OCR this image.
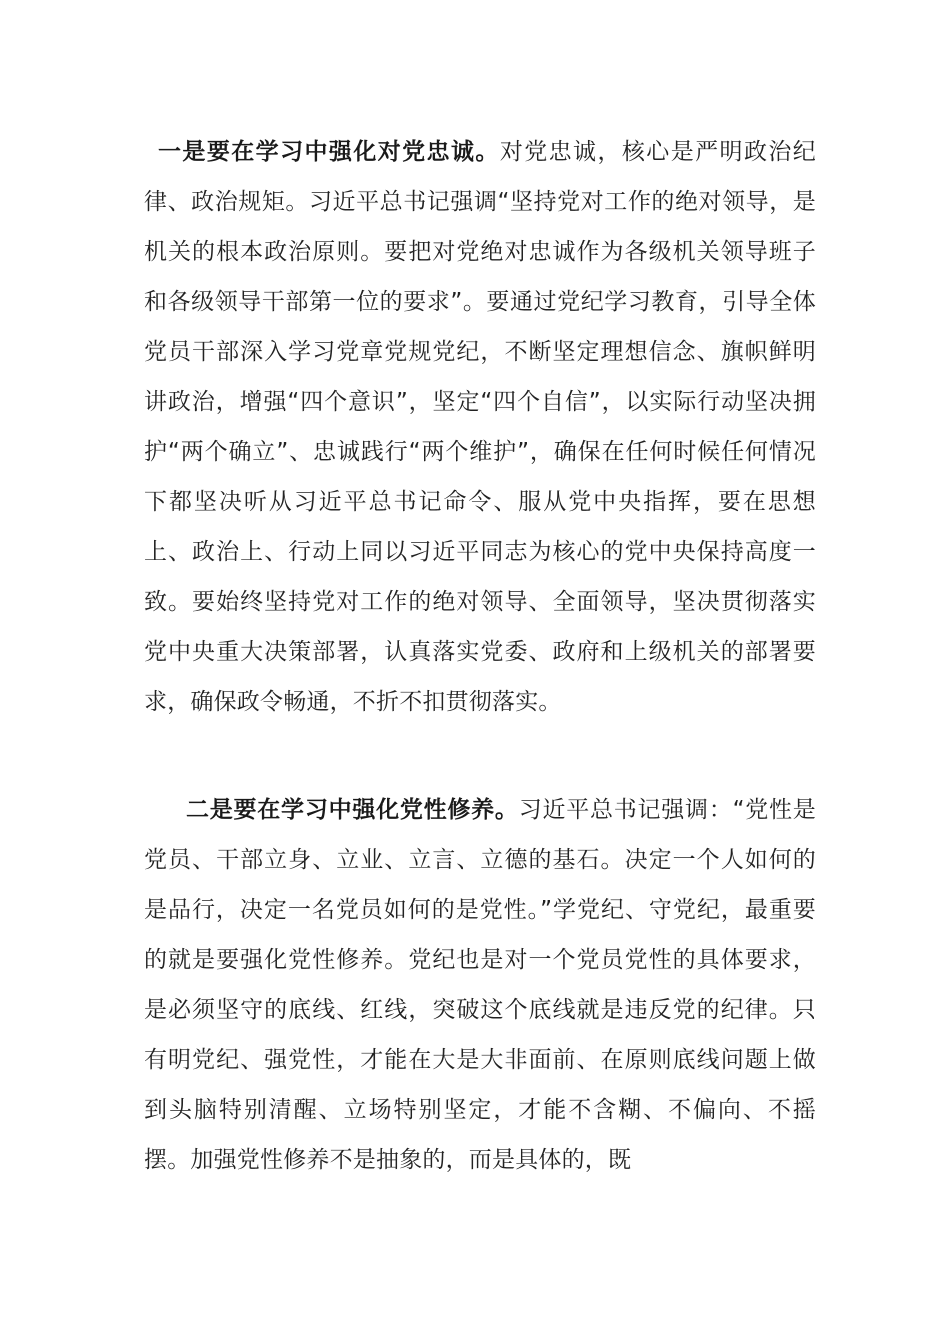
一是要在学习中强化对党忠诚。对党忠诚，核心是严明政治纪律、政治规矩。习近平总书记强调“坚持党对工作的绝对领导，是机关的根本政治原则。要把对党绝对忠诚作为各级机关领导班子和各级领导干部第一位的要求”。要通过党纪学习教育，引导全体党员干部深入学习党章党规党纪，不断坚定理想信念、旗帜鲜明讲政治，增强“四个意识”，坚定“四个自信”，以实际行动坚决拥护“两个确立”、忠诚践行“两个维护”，确保在任何时候任何情况下都坚决听从习近平总书记命令、服从党中央指挥，要在思想上、政治上、行动上同以习近平同志为核心的党中央保持高度一致。要始终坚持党对工作的绝对领导、全面领导，坚决贯彻落实党中央重大决策部署，认真落实党委、政府和上级机关的部署要求，确保政令畅通，不折不扣贯彻落实。

二是要在学习中强化党性修养。习近平总书记强调：“党性是党员、干部立身、立业、立言、立德的基石。决定一个人如何的是品行，决定一名党员如何的是党性。”学党纪、守党纪，最重要的就是要强化党性修养。党纪也是对一个党员党性的具体要求，是必须坚守的底线、红线，突破这个底线就是违反党的纪律。只有明党纪、强党性，才能在大是大非面前、在原则底线问题上做到头脑特别清醒、立场特别坚定，才能不含糊、不偏向、不摇摆。加强党性修养不是抽象的，而是具体的，既
